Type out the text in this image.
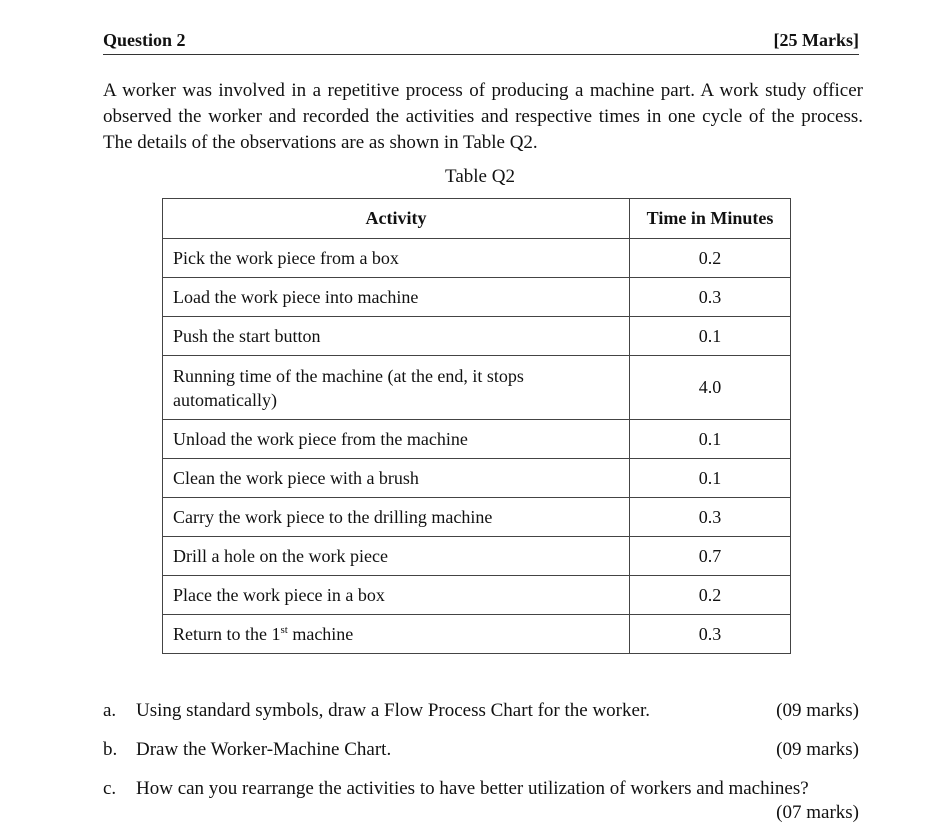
Question 2	[25 Marks]

A worker was involved in a repetitive process of producing a machine part. A work study officer observed the worker and recorded the activities and respective times in one cycle of the process. The details of the observations are as shown in Table Q2.

Table Q2
Activity	Time in Minutes
Pick the work piece from a box	0.2
Load the work piece into machine	0.3
Push the start button	0.1

Running time of the machine (at the end, it stops automatically)	4.0
Unload the work piece from the machine	0.1
Clean the work piece with a brush	0.1
Carry the work piece to the drilling machine	0.3
Drill a hole on the work piece	0.7
Place the work piece in a box	0.2
Return to the 1st machine	0.3
a. Using standard symbols, draw a Flow Process Chart for the worker.	(09 marks)
b. Draw the Worker-Machine Chart.	(09 marks)
c. How can you rearrange the activities to have better utilization of workers and machines?
(07 marks)
